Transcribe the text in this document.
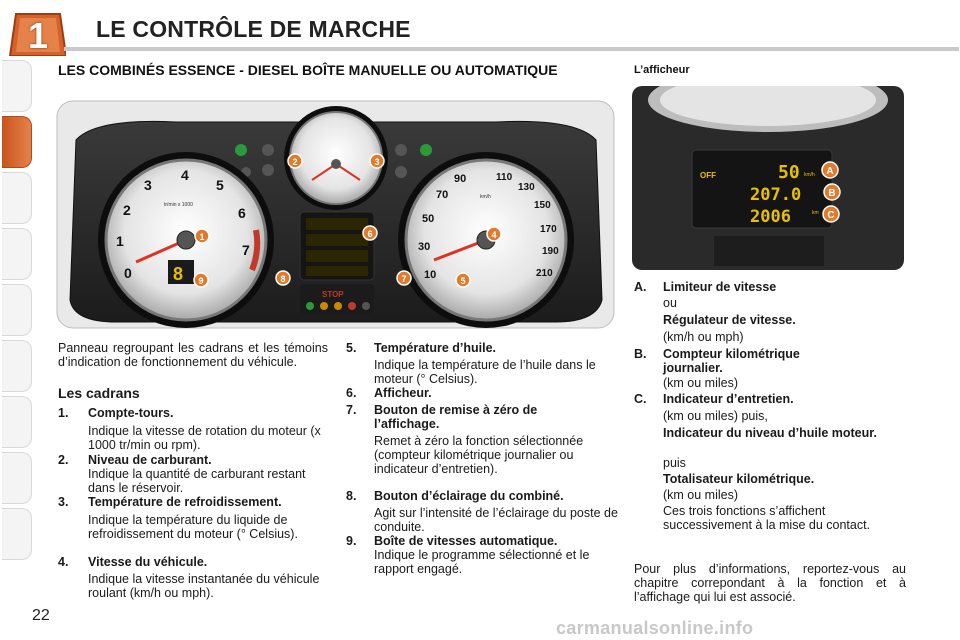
1 LE CONTRÔLE DE MARCHE
LES COMBINÉS ESSENCE - DIESEL BOÎTE MANUELLE OU AUTOMATIQUE	L’afficheur
0
1
2
3
4
5
6
7
tr/min x 1000
STOP
10
30
50
70
90	110
130
150
170
190
210
km/h
8
1
2	3
4
5
6
7
8
9
OFF	50 km/h
207.0
2006	km
A
B
C
Panneau regroupant les cadrans et les témoins d’indication de fonctionnement du véhicule.
Les cadrans
1. Compte-tours.
Indique la vitesse de rotation du moteur (x 1000 tr/min ou rpm).
2. Niveau de carburant.
Indique la quantité de carburant restant dans le réservoir.
3. Température de refroidissement.
Indique la température du liquide de refroidissement du moteur (° Celsius).
4. Vitesse du véhicule.
Indique la vitesse instantanée du véhicule roulant (km/h ou mph).
5. Température d’huile.
Indique la température de l’huile dans le moteur (° Celsius).
6. Afficheur.
7. Bouton de remise à zéro de l’affichage.
Remet à zéro la fonction sélectionnée (compteur kilométrique journalier ou indicateur d’entretien).
8. Bouton d’éclairage du combiné.
Agit sur l’intensité de l’éclairage du poste de conduite.
9. Boîte de vitesses automatique.
Indique le programme sélectionné et le rapport engagé.
A. Limiteur de vitesse
ou
Régulateur de vitesse.
(km/h ou mph)
B. Compteur kilométrique journalier.
(km ou miles)
C. Indicateur d’entretien.
(km ou miles) puis,
Indicateur du niveau d’huile moteur.
puis
Totalisateur kilométrique.
(km ou miles)
Ces trois fonctions s’affichent successivement à la mise du contact.
Pour plus d’informations, reportez-vous au chapitre correpondant à la fonction et à l’affichage qui lui est associé.
22
carmanualsonline.info
